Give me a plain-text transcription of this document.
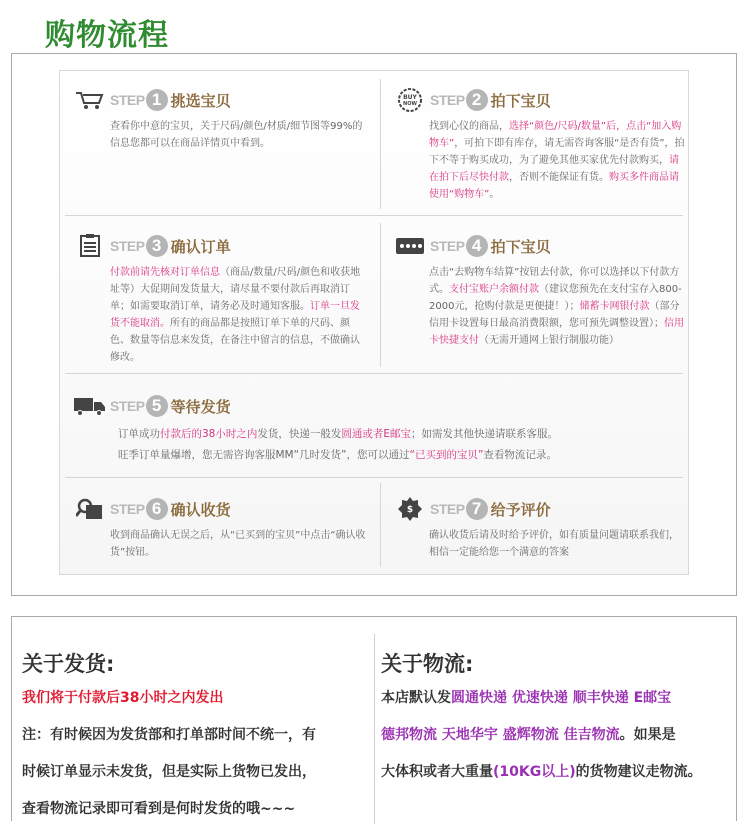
购物流程
STEP 1 挑选宝贝
查看你中意的宝贝，关于尺码/颜色/材质/细节图等99%的信息您都可以在商品详情页中看到。
BUY
NOW STEP 2 拍下宝贝
找到心仪的商品，选择“颜色/尺码/数量”后，点击“加入购物车”，可拍下即有库存，请无需咨询客服“是否有货”，拍下不等于购买成功，为了避免其他买家优先付款购买，请在拍下后尽快付款，否则不能保证有货。购买多件商品请使用“购物车”。
STEP 3 确认订单
付款前请先核对订单信息（商品/数量/尺码/颜色和收获地址等）大促期间发货量大，请尽量不要付款后再取消订单；如需要取消订单，请务必及时通知客服。订单一旦发货不能取消。所有的商品都是按照订单下单的尺码、颜色、数量等信息来发货，在备注中留言的信息，不做确认修改。
STEP 4 拍下宝贝
点击“去购物车结算”按钮去付款，你可以选择以下付款方式。支付宝账户余额付款（建议您预先在支付宝存入800-2000元，抢购付款是更便捷！）；储蓄卡网银付款（部分信用卡设置每日最高消费限额，您可预先调整设置）；信用卡快捷支付（无需开通网上银行制服功能）
STEP 5 等待发货
订单成功付款后的38小时之内发货，快递一般发圆通或者E邮宝；如需发其他快递请联系客服。
旺季订单量爆增，您无需咨询客服MM“几时发货”，您可以通过“已买到的宝贝”查看物流记录。
STEP 6 确认收货
收到商品确认无误之后，从“已买到的宝贝”中点击“确认收货”按钮。
$ STEP 7 给予评价
确认收货后请及时给予评价，如有质量问题请联系我们，相信一定能给您一个满意的答案
关于发货:
我们将于付款后38小时之内发出
注：有时候因为发货部和打单部时间不统一，有
时候订单显示未发货，但是实际上货物已发出，
查看物流记录即可看到是何时发货的哦~~~
关于物流:
本店默认发圆通快递 优速快递 顺丰快递 E邮宝
德邦物流 天地华宇 盛辉物流 佳吉物流。如果是
大体积或者大重量(10KG以上)的货物建议走物流。
